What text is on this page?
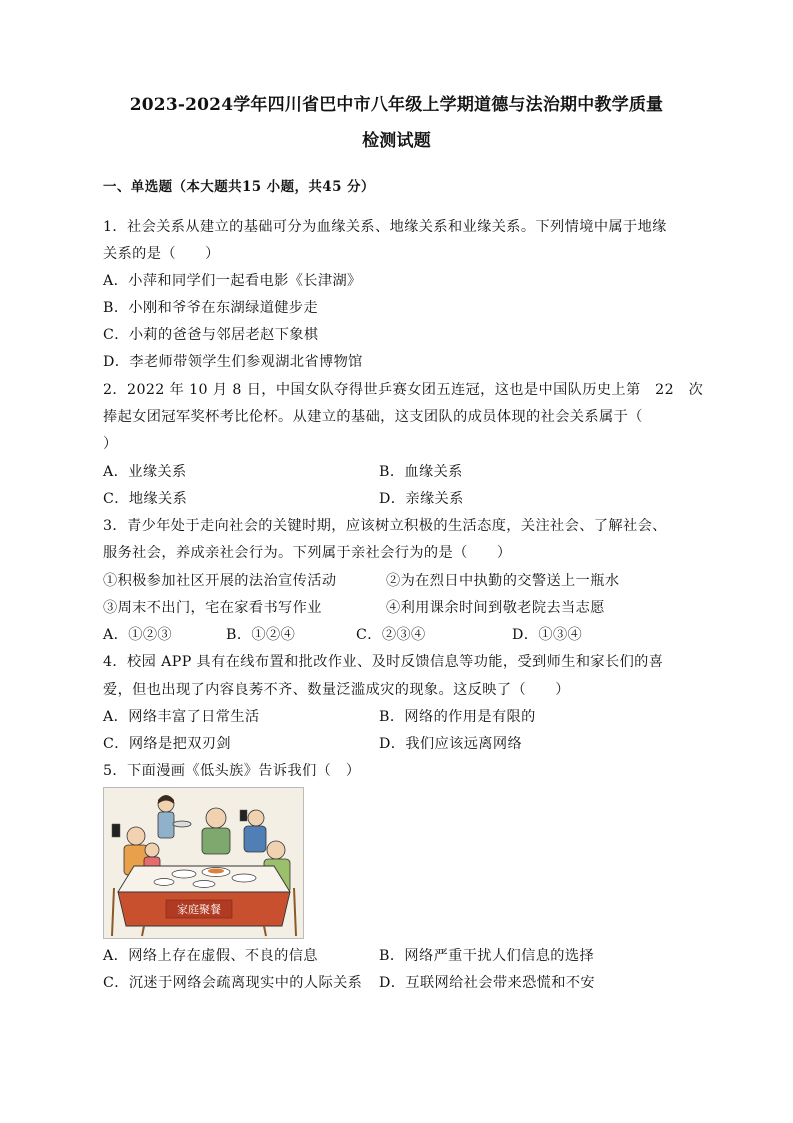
2023-2024学年四川省巴中市八年级上学期道德与法治期中教学质量
检测试题
一、单选题（本大题共15 小题，共45 分）
1．社会关系从建立的基础可分为血缘关系、地缘关系和业缘关系。下列情境中属于地缘
关系的是（　　）
A．小萍和同学们一起看电影《长津湖》
B．小刚和爷爷在东湖绿道健步走
C．小莉的爸爸与邻居老赵下象棋
D．李老师带领学生们参观湖北省博物馆
2．2022 年 10 月 8 日，中国女队夺得世乒赛女团五连冠，这也是中国队历史上第　22　次
捧起女团冠军奖杯考比伦杯。从建立的基础，这支团队的成员体现的社会关系属于（
）
A．业缘关系	B．血缘关系
C．地缘关系	D．亲缘关系
3．青少年处于走向社会的关键时期，应该树立积极的生活态度，关注社会、了解社会、
服务社会，养成亲社会行为。下列属于亲社会行为的是（　　）
①积极参加社区开展的法治宣传活动	②为在烈日中执勤的交警送上一瓶水
③周末不出门，宅在家看书写作业	④利用课余时间到敬老院去当志愿
A．①②③	B．①②④	C．②③④	D．①③④
4．校园 APP 具有在线布置和批改作业、及时反馈信息等功能，受到师生和家长们的喜
爱，但也出现了内容良莠不齐、数量泛滥成灾的现象。这反映了（　　）
A．网络丰富了日常生活	B．网络的作用是有限的
C．网络是把双刃剑	D．我们应该远离网络
5．下面漫画《低头族》告诉我们（　）
家庭聚餐
A．网络上存在虚假、不良的信息	B．网络严重干扰人们信息的选择
C．沉迷于网络会疏离现实中的人际关系 D．互联网给社会带来恐慌和不安
